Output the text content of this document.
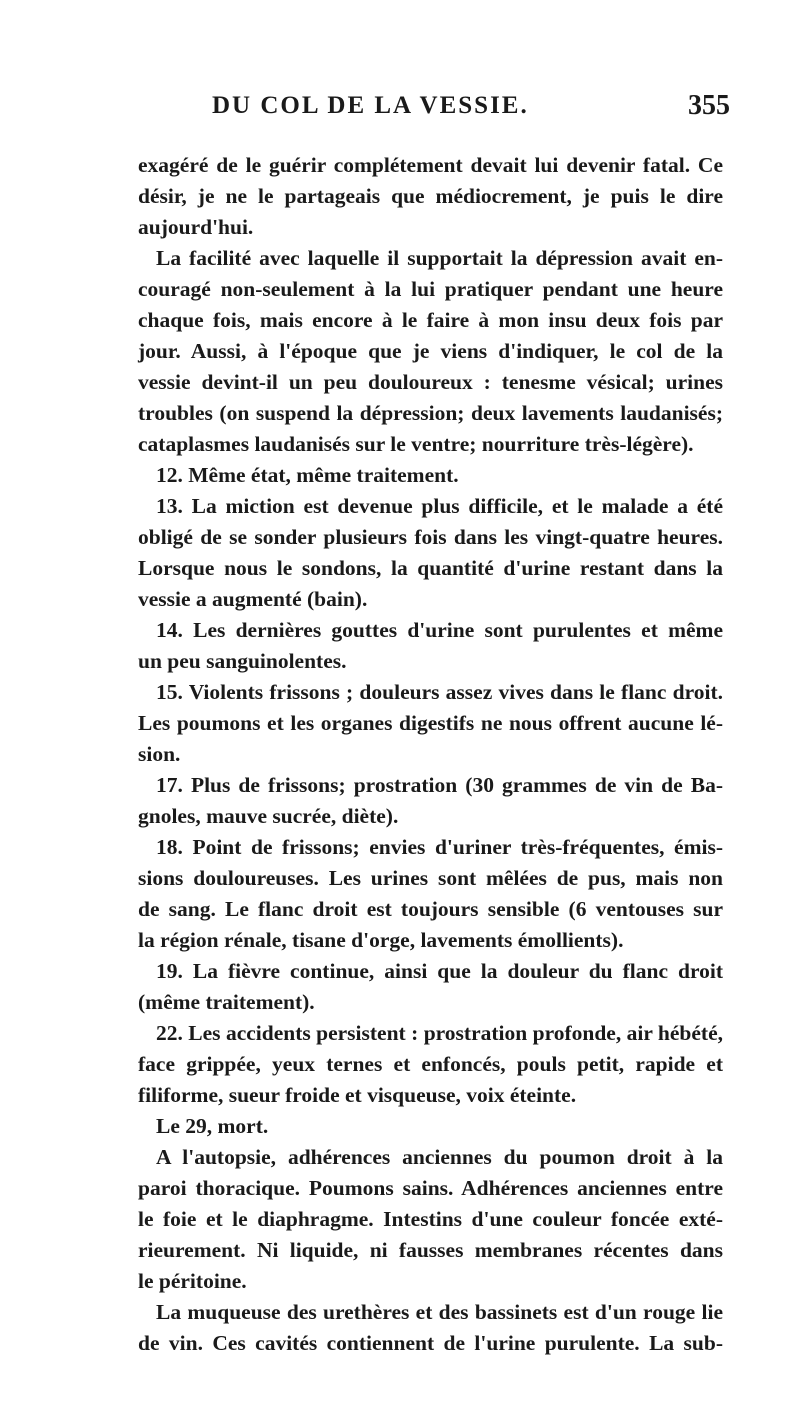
DU COL DE LA VESSIE.	355
exagéré de le guérir complétement devait lui devenir fatal. Ce
désir, je ne le partageais que médiocrement, je puis le dire
aujourd'hui.
La facilité avec laquelle il supportait la dépression avait en-
couragé non-seulement à la lui pratiquer pendant une heure
chaque fois, mais encore à le faire à mon insu deux fois par
jour. Aussi, à l'époque que je viens d'indiquer, le col de la
vessie devint-il un peu douloureux : tenesme vésical; urines
troubles (on suspend la dépression; deux lavements laudanisés;
cataplasmes laudanisés sur le ventre; nourriture très-légère).
12. Même état, même traitement.
13. La miction est devenue plus difficile, et le malade a été
obligé de se sonder plusieurs fois dans les vingt-quatre heures.
Lorsque nous le sondons, la quantité d'urine restant dans la
vessie a augmenté (bain).
14. Les dernières gouttes d'urine sont purulentes et même
un peu sanguinolentes.
15. Violents frissons ; douleurs assez vives dans le flanc droit.
Les poumons et les organes digestifs ne nous offrent aucune lé-
sion.
17. Plus de frissons; prostration (30 grammes de vin de Ba-
gnoles, mauve sucrée, diète).
18. Point de frissons; envies d'uriner très-fréquentes, émis-
sions douloureuses. Les urines sont mêlées de pus, mais non
de sang. Le flanc droit est toujours sensible (6 ventouses sur
la région rénale, tisane d'orge, lavements émollients).
19. La fièvre continue, ainsi que la douleur du flanc droit
(même traitement).
22. Les accidents persistent : prostration profonde, air hébété,
face grippée, yeux ternes et enfoncés, pouls petit, rapide et
filiforme, sueur froide et visqueuse, voix éteinte.
Le 29, mort.
A l'autopsie, adhérences anciennes du poumon droit à la
paroi thoracique. Poumons sains. Adhérences anciennes entre
le foie et le diaphragme. Intestins d'une couleur foncée exté-
rieurement. Ni liquide, ni fausses membranes récentes dans
le péritoine.
La muqueuse des urethères et des bassinets est d'un rouge lie
de vin. Ces cavités contiennent de l'urine purulente. La sub-
